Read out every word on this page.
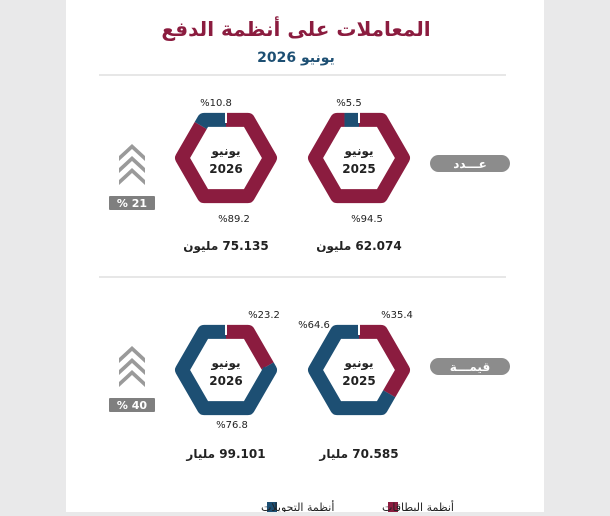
المعاملات على أنظمة الدفع
يونيو 2026
عـــدد
% 21
يونيو
2025
%5.5
%94.5
62.074 مليون
يونيو
2026
%10.8
%89.2
75.135 مليون
قيمـــة
% 40
يونيو
2025
%35.4
%64.6
70.585 مليار
يونيو
2026
%23.2
%76.8
99.101 مليار
أنظمة البطاقات
أنظمة التحويلات
